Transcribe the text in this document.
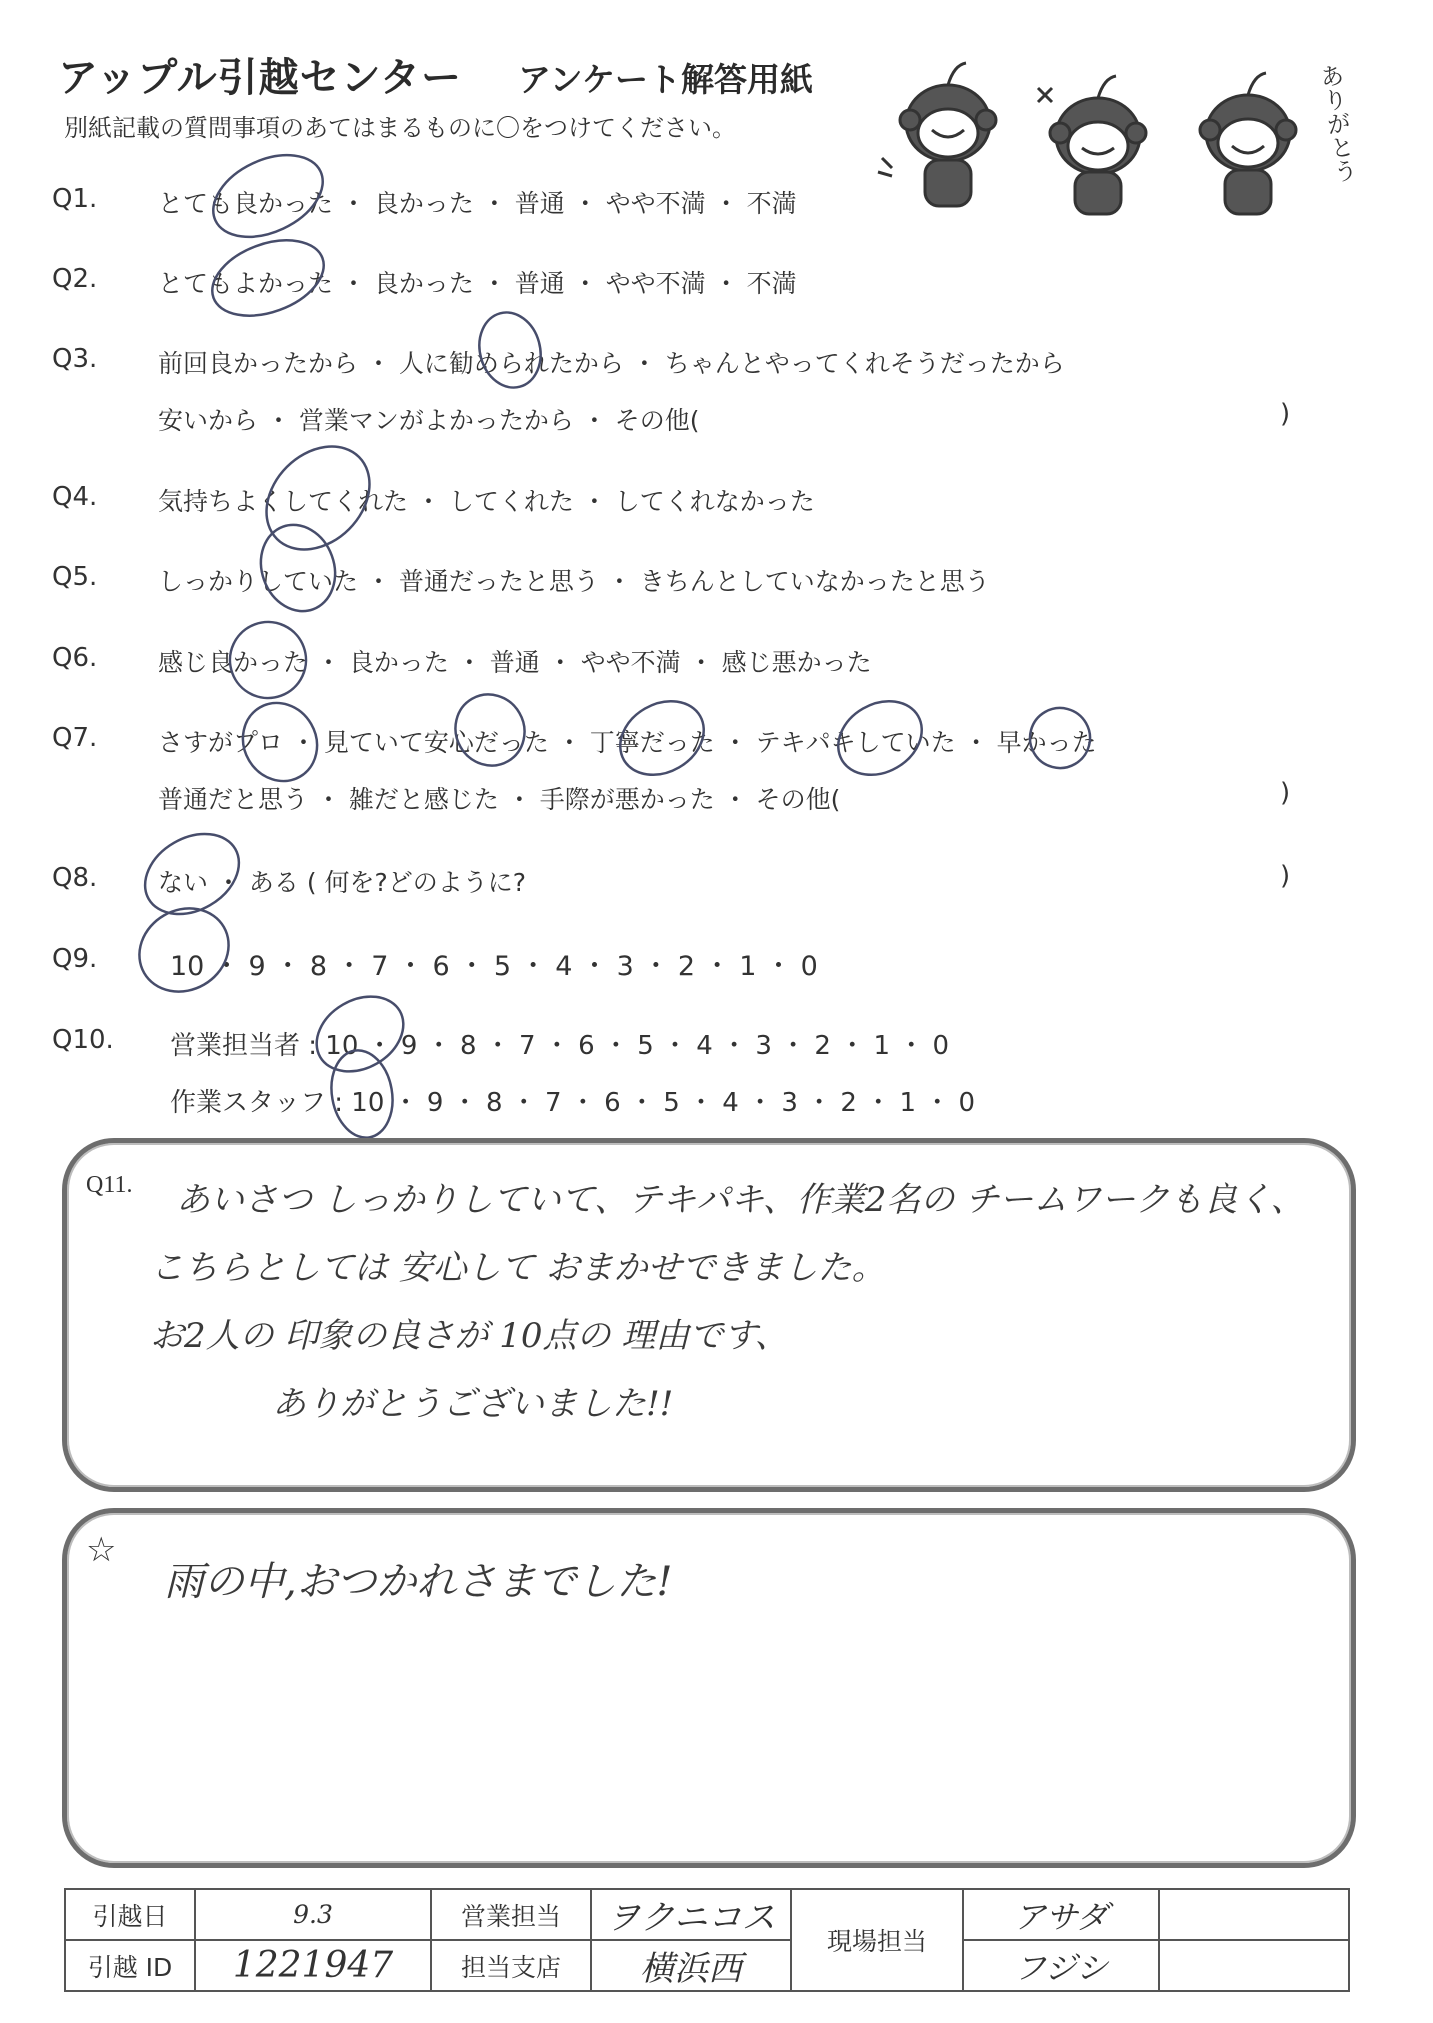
アップル引越センター アンケート解答用紙
別紙記載の質問事項のあてはまるものに〇をつけてください。	ありがとう
Q1. とても良かった ・ 良かった ・ 普通 ・ やや不満 ・ 不満
Q2. とてもよかった ・ 良かった ・ 普通 ・ やや不満 ・ 不満
Q3. 前回良かったから ・ 人に勧められたから ・ ちゃんとやってくれそうだったから
安いから ・ 営業マンがよかったから ・ その他(	)
Q4. 気持ちよくしてくれた ・ してくれた ・ してくれなかった
Q5. しっかりしていた ・ 普通だったと思う ・ きちんとしていなかったと思う
Q6. 感じ良かった ・ 良かった ・ 普通 ・ やや不満 ・ 感じ悪かった
Q7. さすがプロ ・ 見ていて安心だった ・ 丁寧だった ・ テキパキしていた ・ 早かった
普通だと思う ・ 雑だと感じた ・ 手際が悪かった ・ その他(	)
Q8. ない ・ ある ( 何を?どのように?	)
Q9.	10 ・ 9 ・ 8 ・ 7 ・ 6 ・ 5 ・ 4 ・ 3 ・ 2 ・ 1 ・ 0
Q10. 営業担当者 : 10 ・ 9 ・ 8 ・ 7 ・ 6 ・ 5 ・ 4 ・ 3 ・ 2 ・ 1 ・ 0
作業スタッフ : 10 ・ 9 ・ 8 ・ 7 ・ 6 ・ 5 ・ 4 ・ 3 ・ 2 ・ 1 ・ 0
Q11. あいさつ しっかりしていて、テキパキ、作業2名の チームワークも良く、
こちらとしては 安心して おまかせできました。
お2人の 印象の良さが 10点の 理由です、
ありがとうございました!!
☆
雨の中,おつかれさまでした!
引越日	9.3	営業担当	ヲクニコス	現場担当	アサダ	
引越 ID	1221947	担当支店	横浜西		フジシ	
